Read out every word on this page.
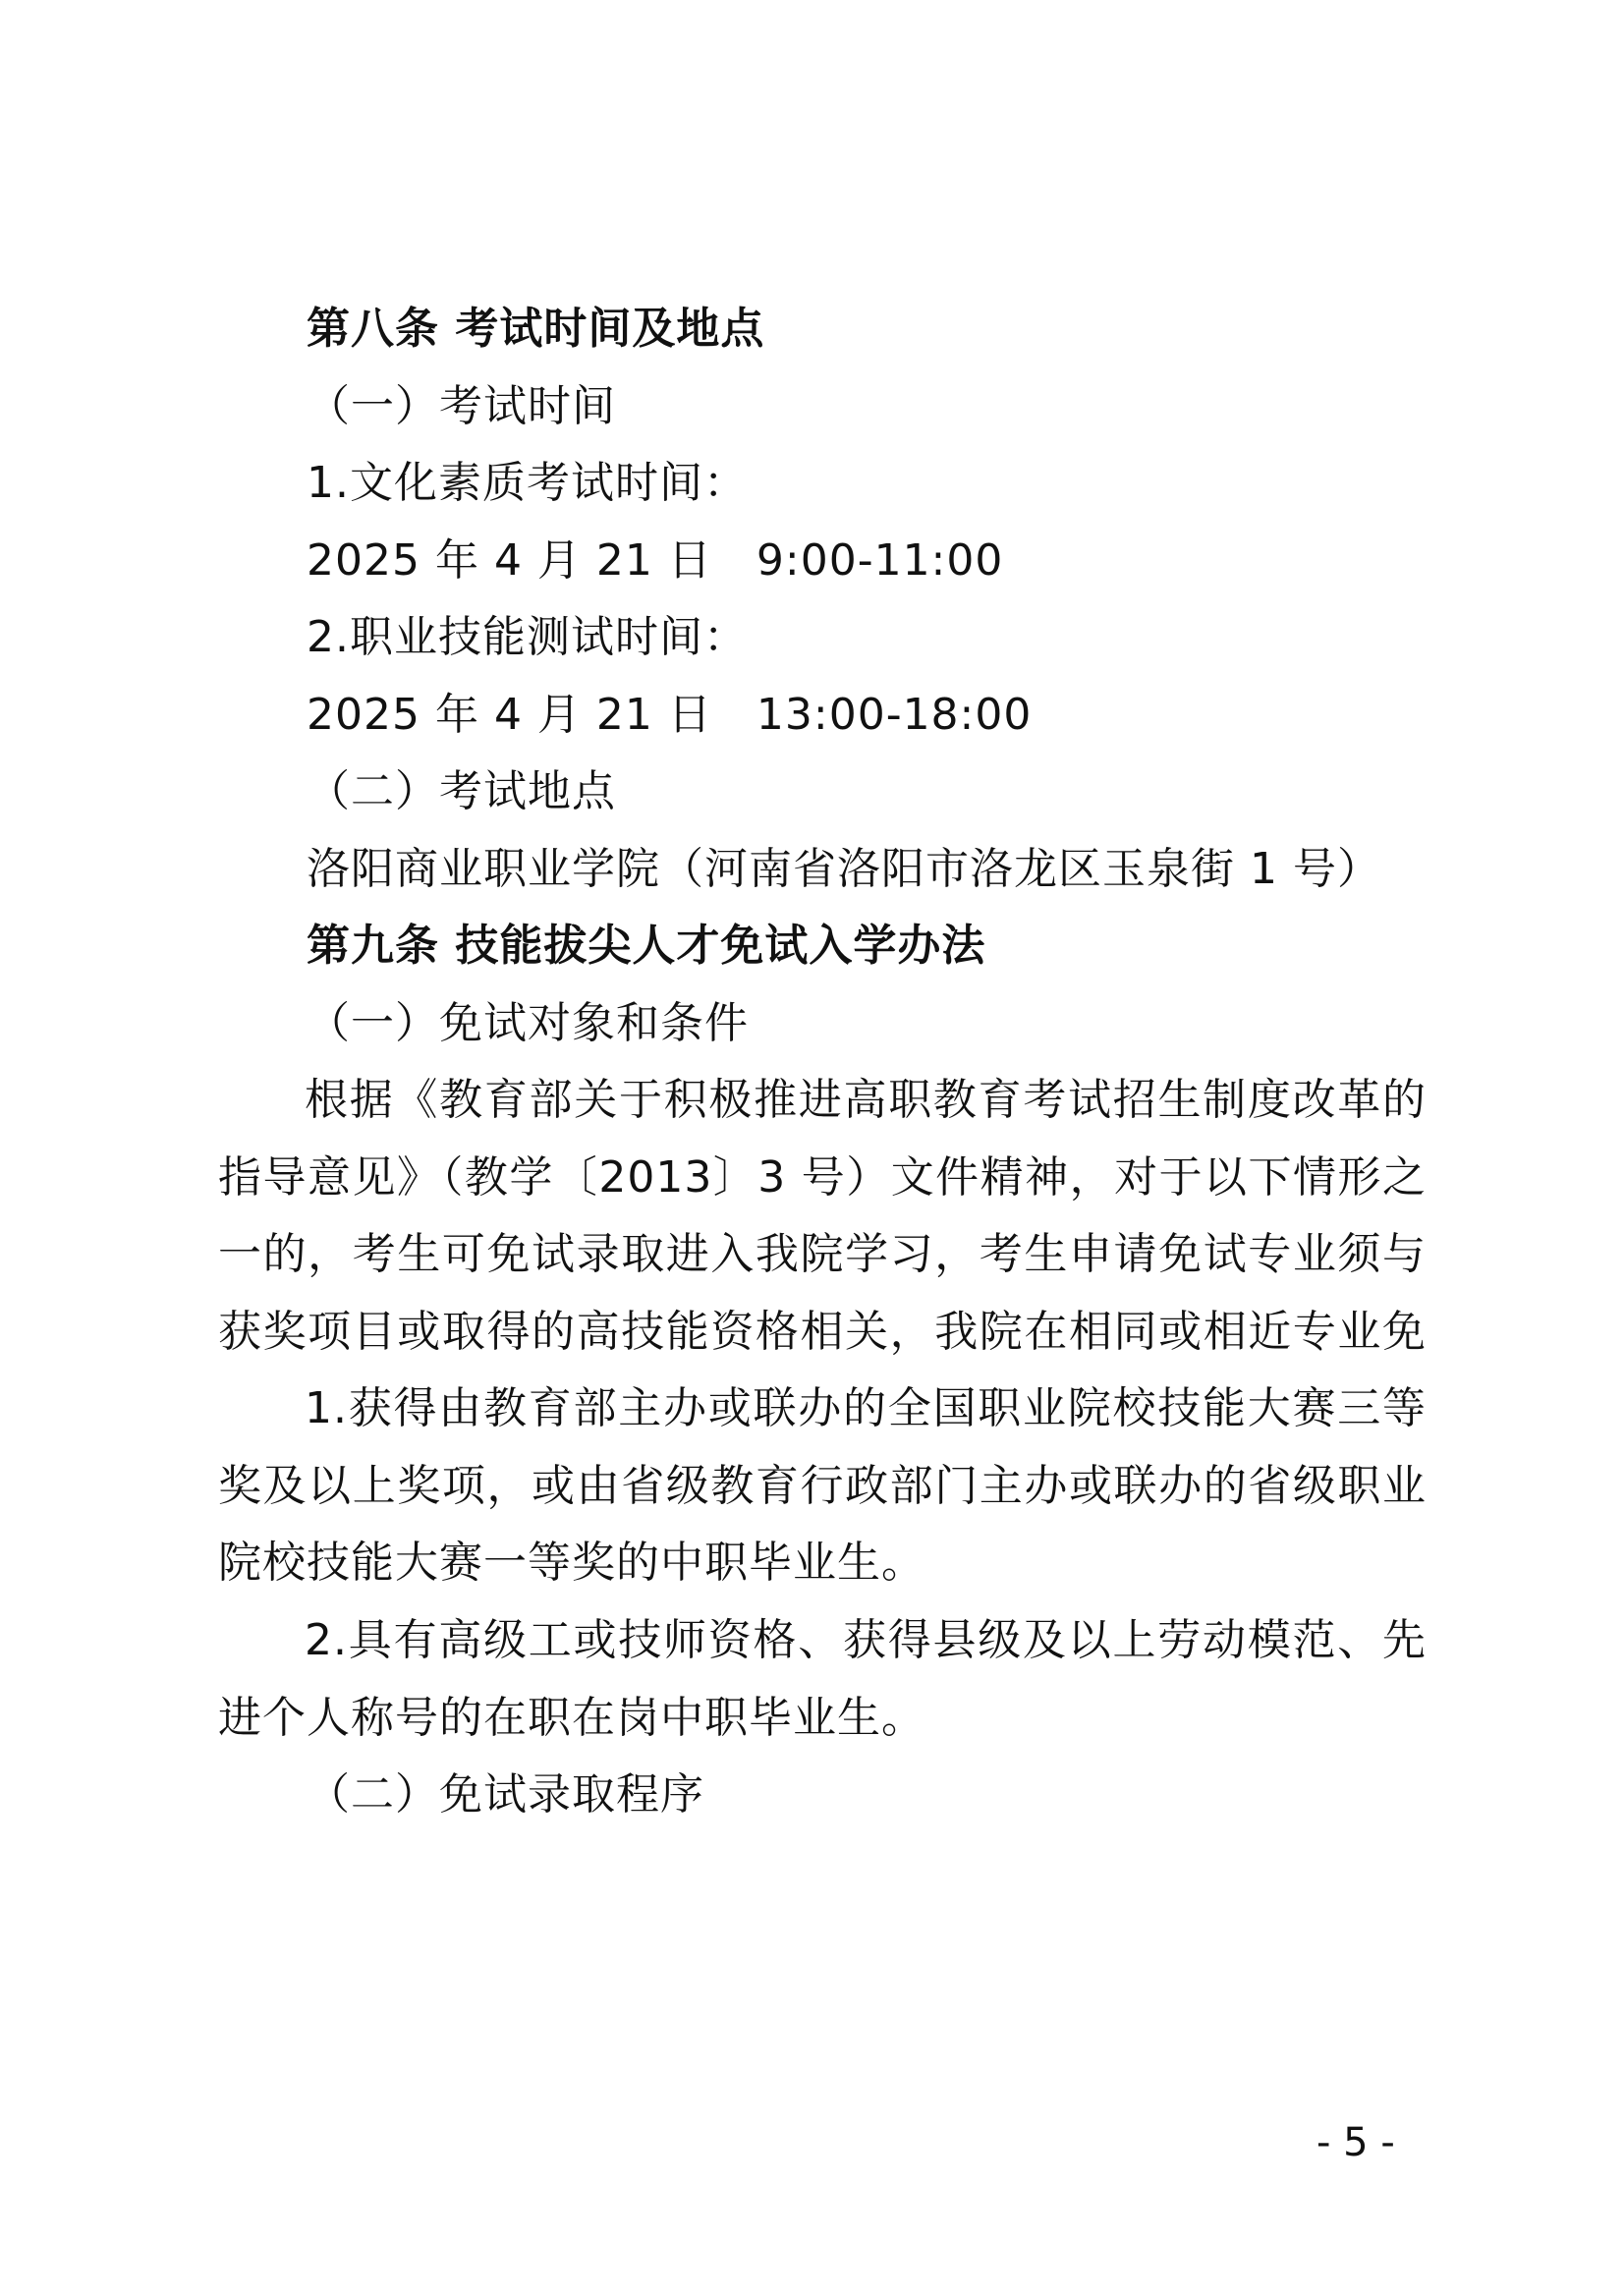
第八条 考试时间及地点
（一）考试时间
1.文化素质考试时间：
2025 年 4 月 21 日　9:00-11:00
2.职业技能测试时间：
2025 年 4 月 21 日　13:00-18:00
（二）考试地点
洛阳商业职业学院（河南省洛阳市洛龙区玉泉街 1 号）
第九条 技能拔尖人才免试入学办法
（一）免试对象和条件
根据《教育部关于积极推进高职教育考试招生制度改革的指导意见》（教学〔2013〕3 号）文件精神，对于以下情形之一的，考生可免试录取进入我院学习，考生申请免试专业须与获奖项目或取得的高技能资格相关，我院在相同或相近专业免
1.获得由教育部主办或联办的全国职业院校技能大赛三等奖及以上奖项，或由省级教育行政部门主办或联办的省级职业院校技能大赛一等奖的中职毕业生。
2.具有高级工或技师资格、获得县级及以上劳动模范、先进个人称号的在职在岗中职毕业生。
（二）免试录取程序
- 5 -
